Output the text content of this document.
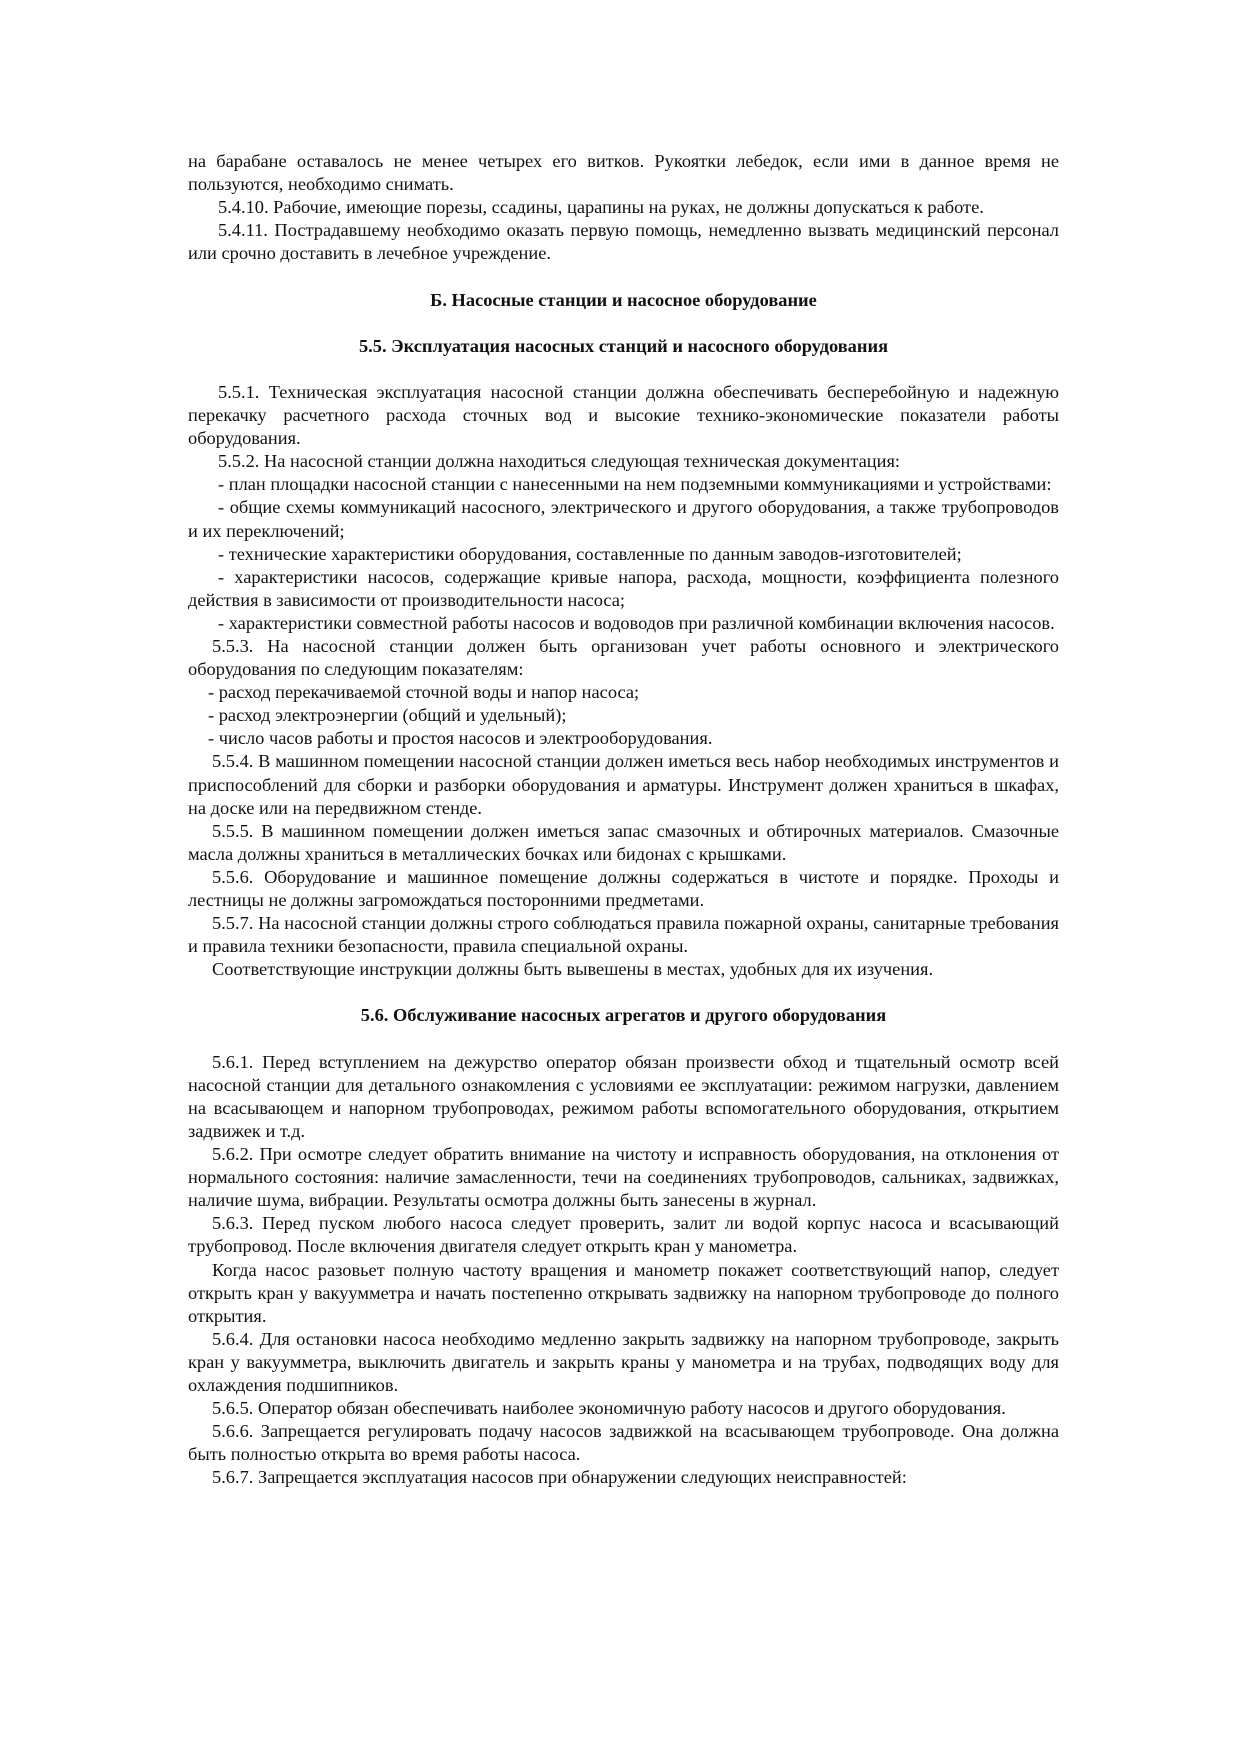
на барабане оставалось не менее четырех его витков. Рукоятки лебедок, если ими в данное время не пользуются, необходимо снимать.

5.4.10. Рабочие, имеющие порезы, ссадины, царапины на руках, не должны допускаться к работе.

5.4.11. Пострадавшему необходимо оказать первую помощь, немедленно вызвать медицинский персонал или срочно доставить в лечебное учреждение.

Б. Насосные станции и насосное оборудование

5.5. Эксплуатация насосных станций и насосного оборудования

5.5.1. Техническая эксплуатация насосной станции должна обеспечивать бесперебойную и надежную перекачку расчетного расхода сточных вод и высокие технико-экономические показатели работы оборудования.

5.5.2. На насосной станции должна находиться следующая техническая документация:

- план площадки насосной станции с нанесенными на нем подземными коммуникациями и устройствами:

- общие схемы коммуникаций насосного, электрического и другого оборудования, а также трубопроводов и их переключений;

- технические характеристики оборудования, составленные по данным заводов-изготовителей;

- характеристики насосов, содержащие кривые напора, расхода, мощности, коэффициента полезного действия в зависимости от производительности насоса;

- характеристики совместной работы насосов и водоводов при различной комбинации включения насосов.

5.5.3. На насосной станции должен быть организован учет работы основного и электрического оборудования по следующим показателям:

- расход перекачиваемой сточной воды и напор насоса;

- расход электроэнергии (общий и удельный);

- число часов работы и простоя насосов и электрооборудования.

5.5.4. В машинном помещении насосной станции должен иметься весь набор необходимых инструментов и приспособлений для сборки и разборки оборудования и арматуры. Инструмент должен храниться в шкафах, на доске или на передвижном стенде.

5.5.5. В машинном помещении должен иметься запас смазочных и обтирочных материалов. Смазочные масла должны храниться в металлических бочках или бидонах с крышками.

5.5.6. Оборудование и машинное помещение должны содержаться в чистоте и порядке. Проходы и лестницы не должны загромождаться посторонними предметами.

5.5.7. На насосной станции должны строго соблюдаться правила пожарной охраны, санитарные требования и правила техники безопасности, правила специальной охраны.

Соответствующие инструкции должны быть вывешены в местах, удобных для их изучения.

5.6. Обслуживание насосных агрегатов и другого оборудования

5.6.1. Перед вступлением на дежурство оператор обязан произвести обход и тщательный осмотр всей насосной станции для детального ознакомления с условиями ее эксплуатации: режимом нагрузки, давлением на всасывающем и напорном трубопроводах, режимом работы вспомогательного оборудования, открытием задвижек и т.д.

5.6.2. При осмотре следует обратить внимание на чистоту и исправность оборудования, на отклонения от нормального состояния: наличие замасленности, течи на соединениях трубопроводов, сальниках, задвижках, наличие шума, вибрации. Результаты осмотра должны быть занесены в журнал.

5.6.3. Перед пуском любого насоса следует проверить, залит ли водой корпус насоса и всасывающий трубопровод. После включения двигателя следует открыть кран у манометра.

Когда насос разовьет полную частоту вращения и манометр покажет соответствующий напор, следует открыть кран у вакуумметра и начать постепенно открывать задвижку на напорном трубопроводе до полного открытия.

5.6.4. Для остановки насоса необходимо медленно закрыть задвижку на напорном трубопроводе, закрыть кран у вакуумметра, выключить двигатель и закрыть краны у манометра и на трубах, подводящих воду для охлаждения подшипников.

5.6.5. Оператор обязан обеспечивать наиболее экономичную работу насосов и другого оборудования.

5.6.6. Запрещается регулировать подачу насосов задвижкой на всасывающем трубопроводе. Она должна быть полностью открыта во время работы насоса.

5.6.7. Запрещается эксплуатация насосов при обнаружении следующих неисправностей:
